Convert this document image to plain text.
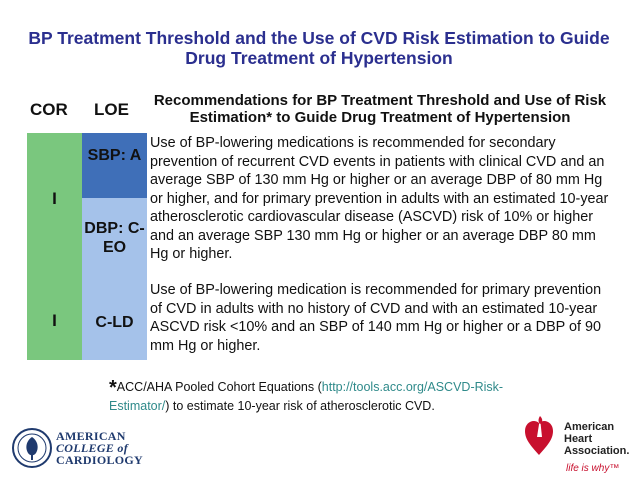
BP Treatment Threshold and the Use of CVD Risk Estimation to Guide Drug Treatment of Hypertension
COR LOE Recommendations for BP Treatment Threshold and Use of Risk Estimation* to Guide Drug Treatment of Hypertension
I
I
SBP: A
DBP: C-EO
C-LD
Use of BP-lowering medications is recommended for secondary prevention of recurrent CVD events in patients with clinical CVD and an average SBP of 130 mm Hg or higher or an average DBP of 80 mm Hg or higher, and for primary prevention in adults with an estimated 10-year atherosclerotic cardiovascular disease (ASCVD) risk of 10% or higher and an average SBP 130 mm Hg or higher or an average DBP 80 mm Hg or higher.
Use of BP-lowering medication is recommended for primary prevention of CVD in adults with no history of CVD and with an estimated 10-year ASCVD risk <10% and an SBP of 140 mm Hg or higher or a DBP of 90 mm Hg or higher.
*ACC/AHA Pooled Cohort Equations (http://tools.acc.org/ASCVD-Risk-Estimator/) to estimate 10-year risk of atherosclerotic CVD.
AMERICAN
COLLEGE of
CARDIOLOGY
American
Heart
Association.
life is why™
